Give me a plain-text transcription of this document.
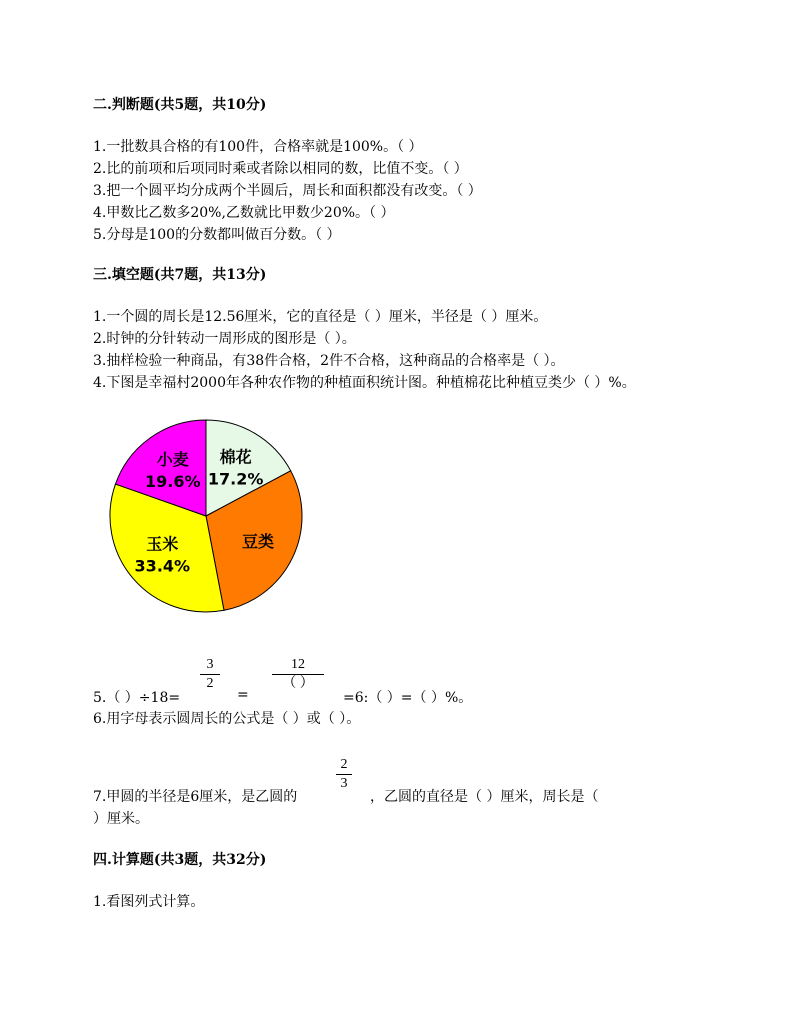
二.判断题(共5题，共10分)
1.一批数具合格的有100件，合格率就是100%。（ ）
2.比的前项和后项同时乘或者除以相同的数，比值不变。（ ）
3.把一个圆平均分成两个半圆后，周长和面积都没有改变。（ ）
4.甲数比乙数多20%,乙数就比甲数少20%。（ ）
5.分母是100的分数都叫做百分数。（ ）
三.填空题(共7题，共13分)
1.一个圆的周长是12.56厘米，它的直径是（ ）厘米，半径是（ ）厘米。
2.时钟的分针转动一周形成的图形是（ ）。
3.抽样检验一种商品，有38件合格，2件不合格，这种商品的合格率是（ ）。
4.下图是幸福村2000年各种农作物的种植面积统计图。种植棉花比种植豆类少（ ）%。
棉花
17.2%
豆类
玉米
33.4%
小麦
19.6%
5.（ ）÷18=
3
2
=
12
（ ）
=6:（ ）=（ ）%。
6.用字母表示圆周长的公式是（ ）或（ ）。
7.甲圆的半径是6厘米，是乙圆的
2
3
，乙圆的直径是（ ）厘米，周长是（
）厘米。
四.计算题(共3题，共32分)
1.看图列式计算。
